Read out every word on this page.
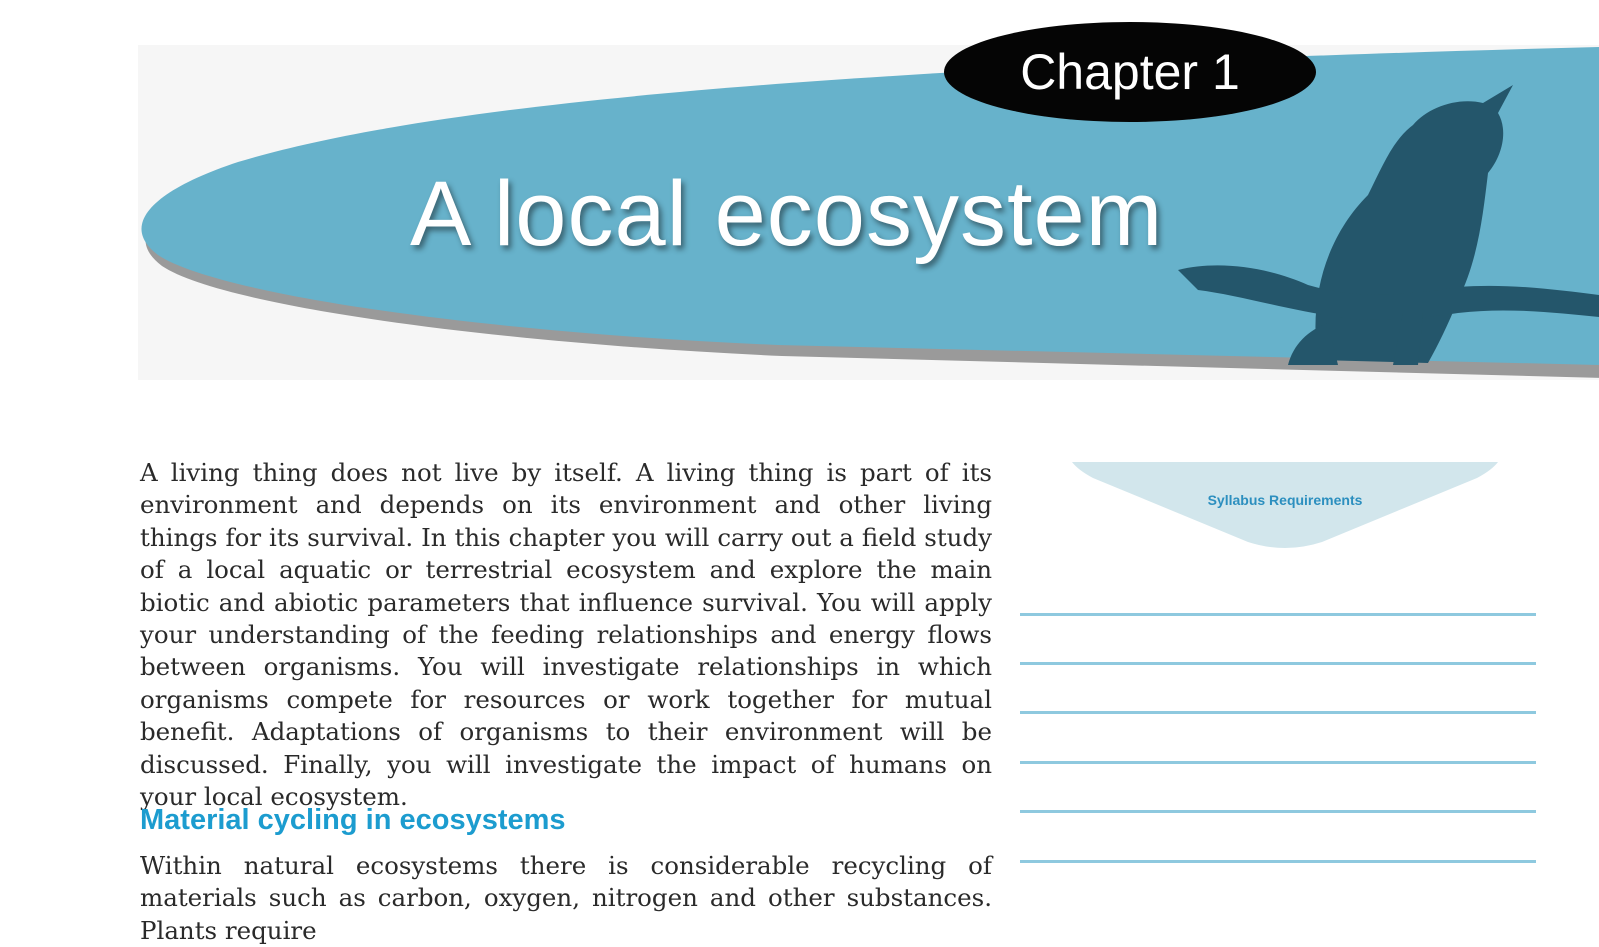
Chapter 1
A local ecosystem

A living thing does not live by itself. A living thing is part of its environment and depends on its environment and other living things for its survival. In this chapter you will carry out a field study of a local aquatic or terrestrial ecosystem and explore the main biotic and abiotic parameters that influence survival. You will apply your understanding of the feeding relationships and energy flows between organisms. You will investigate relationships in which organisms compete for resources or work together for mutual benefit. Adaptations of organisms to their environment will be discussed. Finally, you will investigate the impact of humans on your local ecosystem.

Material cycling in ecosystems

Within natural ecosystems there is considerable recycling of materials such as carbon, oxygen, nitrogen and other substances. Plants require

Syllabus Requirements
